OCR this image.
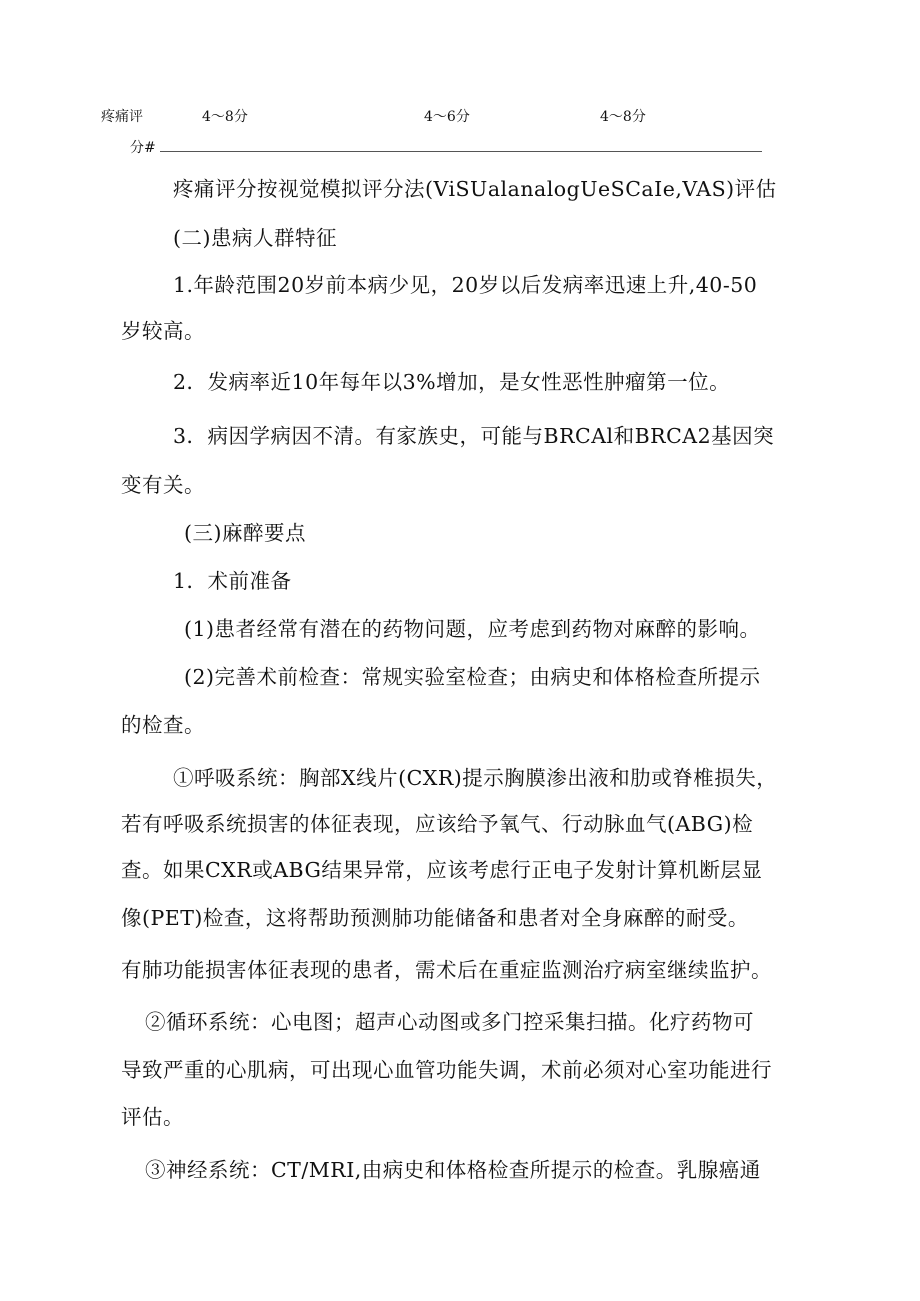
疼痛评	4～8分	4～6分	4～8分
分#
疼痛评分按视觉模拟评分法(ViSUalanalogUeSCaIe,VAS)评估
(二)患病人群特征
1.年龄范围20岁前本病少见，20岁以后发病率迅速上升,40-50
岁较高。
2．发病率近10年每年以3%增加，是女性恶性肿瘤第一位。
3．病因学病因不清。有家族史，可能与BRCAl和BRCA2基因突
变有关。
(三)麻醉要点
1．术前准备
(1)患者经常有潜在的药物问题，应考虑到药物对麻醉的影响。
(2)完善术前检查：常规实验室检查；由病史和体格检查所提示
的检查。
①呼吸系统：胸部X线片(CXR)提示胸膜渗出液和肋或脊椎损失，
若有呼吸系统损害的体征表现，应该给予氧气、行动脉血气(ABG)检
查。如果CXR或ABG结果异常，应该考虑行正电子发射计算机断层显
像(PET)检查，这将帮助预测肺功能储备和患者对全身麻醉的耐受。
有肺功能损害体征表现的患者，需术后在重症监测治疗病室继续监护。
②循环系统：心电图；超声心动图或多门控采集扫描。化疗药物可
导致严重的心肌病，可出现心血管功能失调，术前必须对心室功能进行
评估。
③神经系统：CT/MRI,由病史和体格检查所提示的检查。乳腺癌通
